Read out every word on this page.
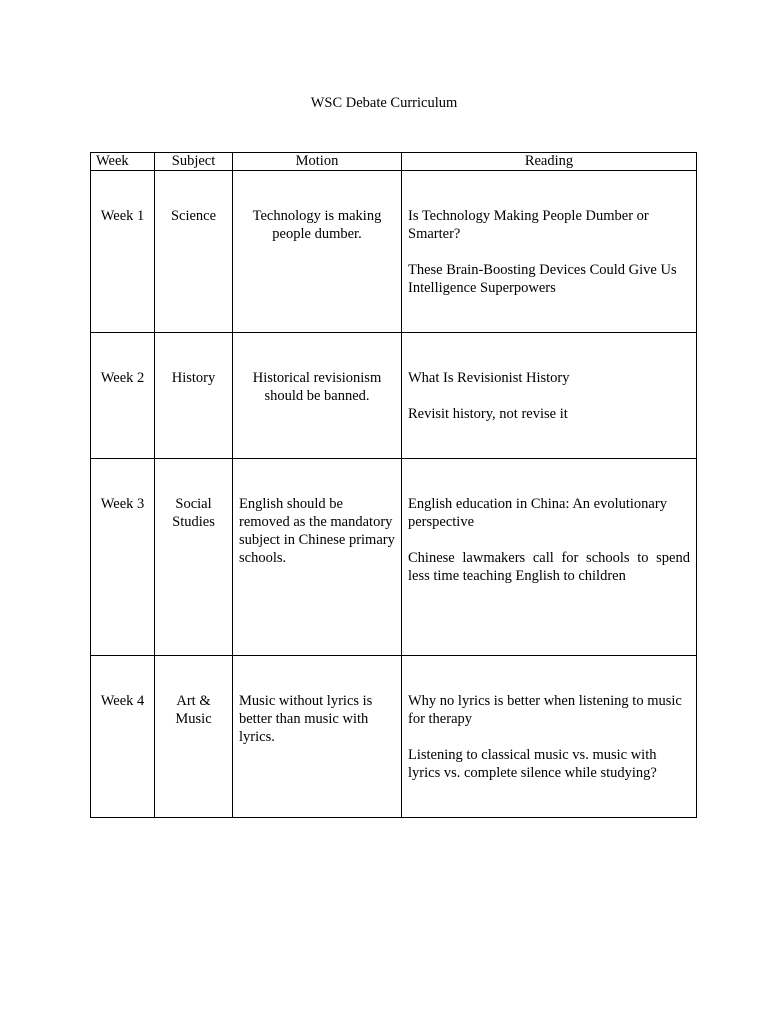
WSC Debate Curriculum
Week	Subject	Motion	Reading

Week 1	Science	Technology is making people dumber.	Is Technology Making People Dumber or Smarter?
These Brain-Boosting Devices Could Give Us Intelligence Superpowers

Week 2	History	Historical revisionism should be banned.	What Is Revisionist History
Revisit history, not revise it

Week 3	Social Studies	English should be removed as the mandatory subject in Chinese primary schools.	English education in China: An evolutionary perspective
Chinese lawmakers call for schools to spend less time teaching English to children

Week 4	Art & Music	Music without lyrics is better than music with lyrics.	Why no lyrics is better when listening to music for therapy
Listening to classical music vs. music with lyrics vs. complete silence while studying?
